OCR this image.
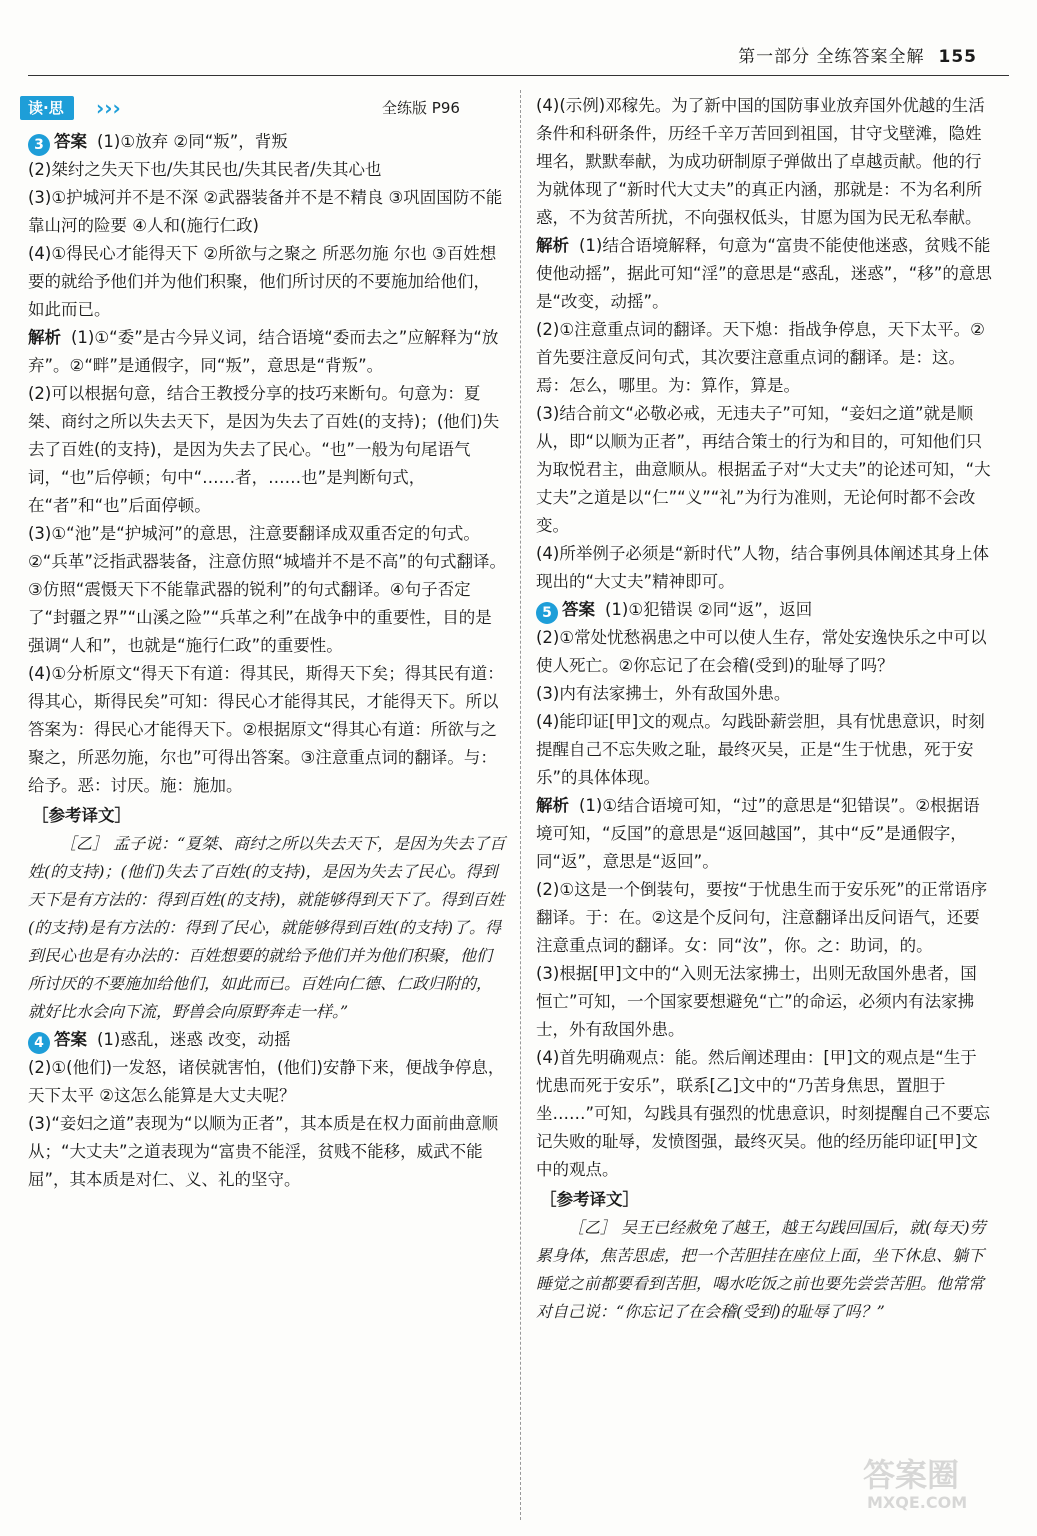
第一部分 全练答案全解 155
读·思	›››	全练版 P96

3 答案 (1)①放弃 ②同“叛”，背叛

(2)桀纣之失天下也/失其民也/失其民者/失其心也

(3)①护城河并不是不深 ②武器装备并不是不精良 ③巩固国防不能靠山河的险要 ④人和(施行仁政)

(4)①得民心才能得天下 ②所欲与之聚之 所恶勿施 尔也 ③百姓想要的就给予他们并为他们积聚，他们所讨厌的不要施加给他们，如此而已。

解析 (1)①“委”是古今异义词，结合语境“委而去之”应解释为“放弃”。②“畔”是通假字，同“叛”，意思是“背叛”。

(2)可以根据句意，结合王教授分享的技巧来断句。句意为：夏桀、商纣之所以失去天下，是因为失去了百姓(的支持)；(他们)失去了百姓(的支持)，是因为失去了民心。“也”一般为句尾语气词，“也”后停顿；句中“……者，……也”是判断句式，在“者”和“也”后面停顿。

(3)①“池”是“护城河”的意思，注意要翻译成双重否定的句式。②“兵革”泛指武器装备，注意仿照“城墙并不是不高”的句式翻译。③仿照“震慑天下不能靠武器的锐利”的句式翻译。④句子否定了“封疆之界”“山溪之险”“兵革之利”在战争中的重要性，目的是强调“人和”，也就是“施行仁政”的重要性。

(4)①分析原文“得天下有道：得其民，斯得天下矣；得其民有道：得其心，斯得民矣”可知：得民心才能得其民，才能得天下。所以答案为：得民心才能得天下。②根据原文“得其心有道：所欲与之聚之，所恶勿施，尔也”可得出答案。③注意重点词的翻译。与：给予。恶：讨厌。施：施加。

［参考译文］

［乙］ 孟子说：“夏桀、商纣之所以失去天下，是因为失去了百姓(的支持)；(他们)失去了百姓(的支持)，是因为失去了民心。得到天下是有方法的：得到百姓(的支持)，就能够得到天下了。得到百姓(的支持)是有方法的：得到了民心，就能够得到百姓(的支持)了。得到民心也是有办法的：百姓想要的就给予他们并为他们积聚，他们所讨厌的不要施加给他们，如此而已。百姓向仁德、仁政归附的，就好比水会向下流，野兽会向原野奔走一样。”

4 答案 (1)惑乱，迷惑 改变，动摇

(2)①(他们)一发怒，诸侯就害怕，(他们)安静下来，便战争停息，天下太平 ②这怎么能算是大丈夫呢？

(3)“妾妇之道”表现为“以顺为正者”，其本质是在权力面前曲意顺从；“大丈夫”之道表现为“富贵不能淫，贫贱不能移，威武不能屈”，其本质是对仁、义、礼的坚守。

(4)(示例)邓稼先。为了新中国的国防事业放弃国外优越的生活条件和科研条件，历经千辛万苦回到祖国，甘守戈壁滩，隐姓埋名，默默奉献，为成功研制原子弹做出了卓越贡献。他的行为就体现了“新时代大丈夫”的真正内涵，那就是：不为名利所惑，不为贫苦所扰，不向强权低头，甘愿为国为民无私奉献。

解析 (1)结合语境解释，句意为“富贵不能使他迷惑，贫贱不能使他动摇”，据此可知“淫”的意思是“惑乱，迷惑”，“移”的意思是“改变，动摇”。

(2)①注意重点词的翻译。天下熄：指战争停息，天下太平。②首先要注意反问句式，其次要注意重点词的翻译。是：这。焉：怎么，哪里。为：算作，算是。

(3)结合前文“必敬必戒，无违夫子”可知，“妾妇之道”就是顺从，即“以顺为正者”，再结合策士的行为和目的，可知他们只为取悦君主，曲意顺从。根据孟子对“大丈夫”的论述可知，“大丈夫”之道是以“仁”“义”“礼”为行为准则，无论何时都不会改变。

(4)所举例子必须是“新时代”人物，结合事例具体阐述其身上体现出的“大丈夫”精神即可。

5 答案 (1)①犯错误 ②同“返”，返回

(2)①常处忧愁祸患之中可以使人生存，常处安逸快乐之中可以使人死亡。②你忘记了在会稽(受到)的耻辱了吗？

(3)内有法家拂士，外有敌国外患。

(4)能印证[甲]文的观点。勾践卧薪尝胆，具有忧患意识，时刻提醒自己不忘失败之耻，最终灭吴，正是“生于忧患，死于安乐”的具体体现。

解析 (1)①结合语境可知，“过”的意思是“犯错误”。②根据语境可知，“反国”的意思是“返回越国”，其中“反”是通假字，同“返”，意思是“返回”。

(2)①这是一个倒装句，要按“于忧患生而于安乐死”的正常语序翻译。于：在。②这是个反问句，注意翻译出反问语气，还要注意重点词的翻译。女：同“汝”，你。之：助词，的。

(3)根据[甲]文中的“入则无法家拂士，出则无敌国外患者，国恒亡”可知，一个国家要想避免“亡”的命运，必须内有法家拂士，外有敌国外患。

(4)首先明确观点：能。然后阐述理由：[甲]文的观点是“生于忧患而死于安乐”，联系[乙]文中的“乃苦身焦思，置胆于坐……”可知，勾践具有强烈的忧患意识，时刻提醒自己不要忘记失败的耻辱，发愤图强，最终灭吴。他的经历能印证[甲]文中的观点。

［参考译文］

［乙］ 吴王已经赦免了越王，越王勾践回国后，就(每天)劳累身体，焦苦思虑，把一个苦胆挂在座位上面，坐下休息、躺下睡觉之前都要看到苦胆，喝水吃饭之前也要先尝尝苦胆。他常常对自己说：“你忘记了在会稽(受到)的耻辱了吗？”

答案圈
MXQE.COM
